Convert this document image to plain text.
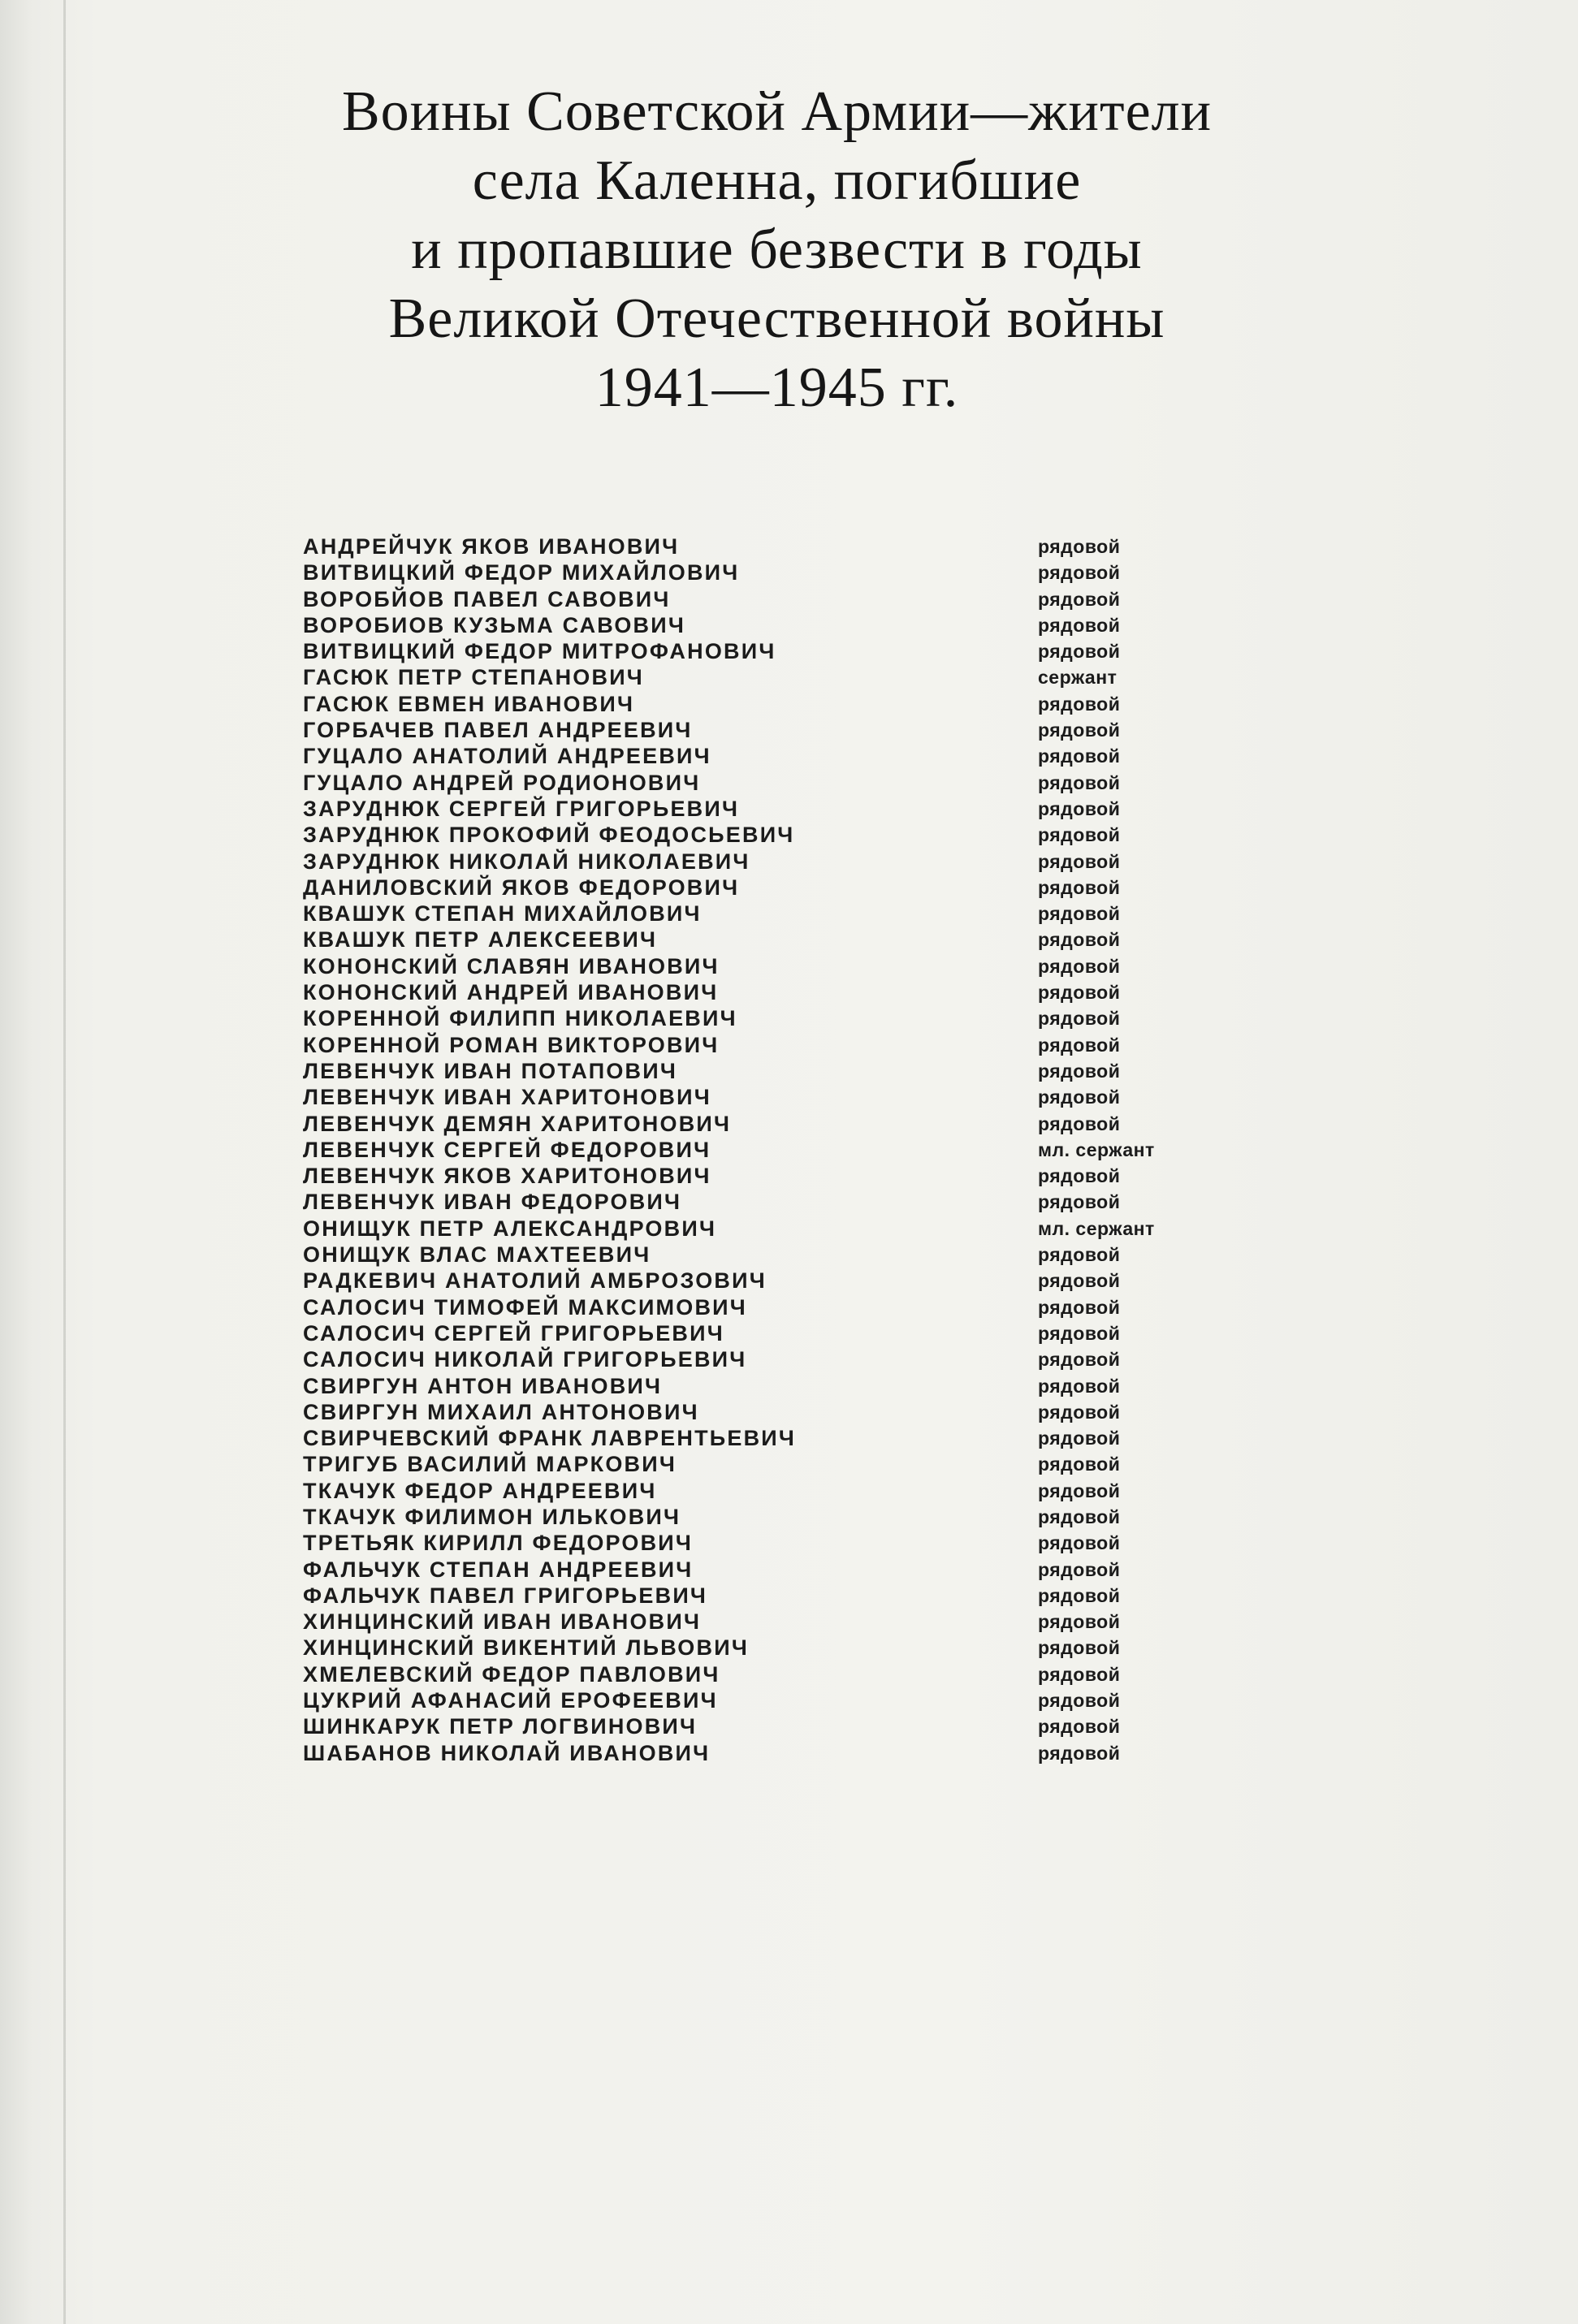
Воины Советской Армии—жители
села Каленна, погибшие
и пропавшие безвести в годы
Великой Отечественной войны
1941—1945 гг.
АНДРЕЙЧУК ЯКОВ ИВАНОВИЧ	рядовой
ВИТВИЦКИЙ ФЕДОР МИХАЙЛОВИЧ	рядовой
ВОРОБЙОВ ПАВЕЛ САВОВИЧ	рядовой
ВОРОБИОВ КУЗЬМА САВОВИЧ	рядовой
ВИТВИЦКИЙ ФЕДОР МИТРОФАНОВИЧ	рядовой
ГАСЮК ПЕТР СТЕПАНОВИЧ	сержант
ГАСЮК ЕВМЕН ИВАНОВИЧ	рядовой
ГОРБАЧЕВ ПАВЕЛ АНДРЕЕВИЧ	рядовой
ГУЦАЛО АНАТОЛИЙ АНДРЕЕВИЧ	рядовой
ГУЦАЛО АНДРЕЙ РОДИОНОВИЧ	рядовой
ЗАРУДНЮК СЕРГЕЙ ГРИГОРЬЕВИЧ	рядовой
ЗАРУДНЮК ПРОКОФИЙ ФЕОДОСЬЕВИЧ	рядовой
ЗАРУДНЮК НИКОЛАЙ НИКОЛАЕВИЧ	рядовой
ДАНИЛОВСКИЙ ЯКОВ ФЕДОРОВИЧ	рядовой
КВАШУК СТЕПАН МИХАЙЛОВИЧ	рядовой
КВАШУК ПЕТР АЛЕКСЕЕВИЧ	рядовой
КОНОНСКИЙ СЛАВЯН ИВАНОВИЧ	рядовой
КОНОНСКИЙ АНДРЕЙ ИВАНОВИЧ	рядовой
КОРЕННОЙ ФИЛИПП НИКОЛАЕВИЧ	рядовой
КОРЕННОЙ РОМАН ВИКТОРОВИЧ	рядовой
ЛЕВЕНЧУК ИВАН ПОТАПОВИЧ	рядовой
ЛЕВЕНЧУК ИВАН ХАРИТОНОВИЧ	рядовой
ЛЕВЕНЧУК ДЕМЯН ХАРИТОНОВИЧ	рядовой
ЛЕВЕНЧУК СЕРГЕЙ ФЕДОРОВИЧ	мл. сержант
ЛЕВЕНЧУК ЯКОВ ХАРИТОНОВИЧ	рядовой
ЛЕВЕНЧУК ИВАН ФЕДОРОВИЧ	рядовой
ОНИЩУК ПЕТР АЛЕКСАНДРОВИЧ	мл. сержант
ОНИЩУК ВЛАС МАХТЕЕВИЧ	рядовой
РАДКЕВИЧ АНАТОЛИЙ АМБРОЗОВИЧ	рядовой
САЛОСИЧ ТИМОФЕЙ МАКСИМОВИЧ	рядовой
САЛОСИЧ СЕРГЕЙ ГРИГОРЬЕВИЧ	рядовой
САЛОСИЧ НИКОЛАЙ ГРИГОРЬЕВИЧ	рядовой
СВИРГУН АНТОН ИВАНОВИЧ	рядовой
СВИРГУН МИХАИЛ АНТОНОВИЧ	рядовой
СВИРЧЕВСКИЙ ФРАНК ЛАВРЕНТЬЕВИЧ	рядовой
ТРИГУБ ВАСИЛИЙ МАРКОВИЧ	рядовой
ТКАЧУК ФЕДОР АНДРЕЕВИЧ	рядовой
ТКАЧУК ФИЛИМОН ИЛЬКОВИЧ	рядовой
ТРЕТЬЯК КИРИЛЛ ФЕДОРОВИЧ	рядовой
ФАЛЬЧУК СТЕПАН АНДРЕЕВИЧ	рядовой
ФАЛЬЧУК ПАВЕЛ ГРИГОРЬЕВИЧ	рядовой
ХИНЦИНСКИЙ ИВАН ИВАНОВИЧ	рядовой
ХИНЦИНСКИЙ ВИКЕНТИЙ ЛЬВОВИЧ	рядовой
ХМЕЛЕВСКИЙ ФЕДОР ПАВЛОВИЧ	рядовой
ЦУКРИЙ АФАНАСИЙ ЕРОФЕЕВИЧ	рядовой
ШИНКАРУК ПЕТР ЛОГВИНОВИЧ	рядовой
ШАБАНОВ НИКОЛАЙ ИВАНОВИЧ	рядовой
